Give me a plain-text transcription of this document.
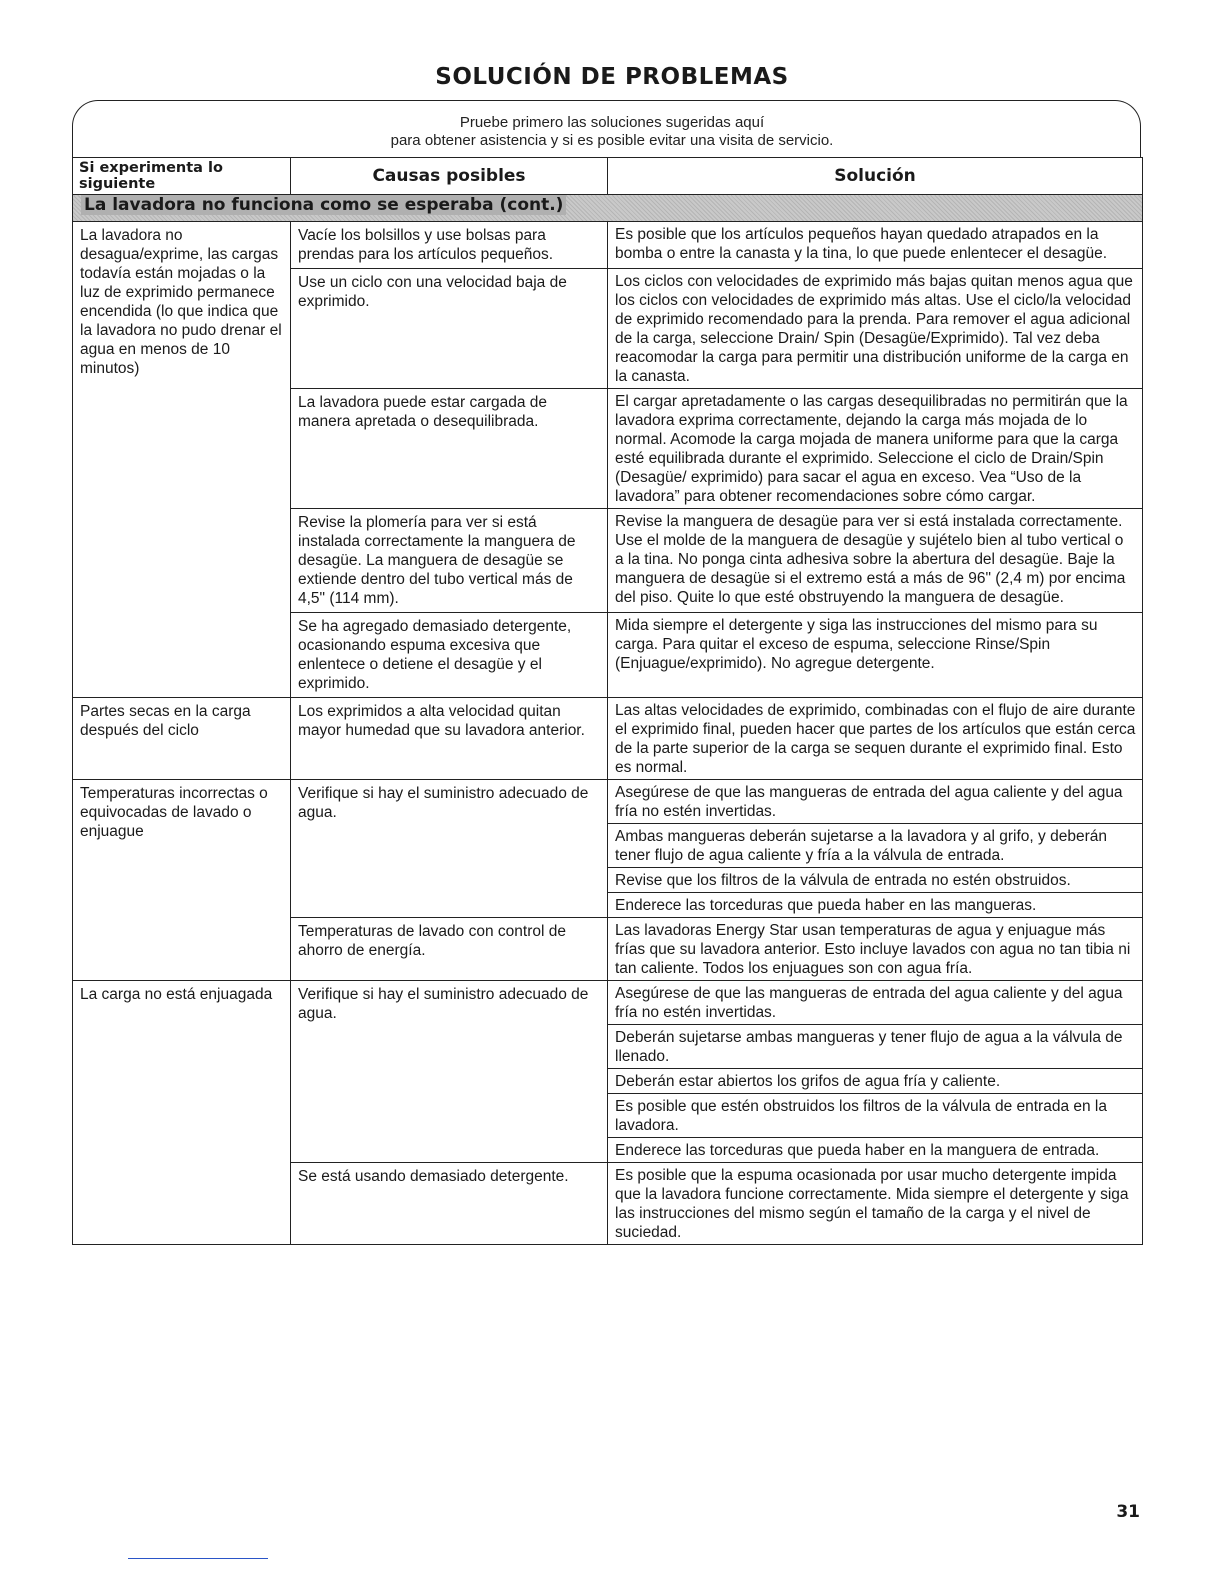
SOLUCIÓN DE PROBLEMAS
Pruebe primero las soluciones sugeridas aquí
para obtener asistencia y si es posible evitar una visita de servicio.
Si experimenta lo siguiente	Causas posibles	Solución
La lavadora no funciona como se esperaba (cont.)		
La lavadora no desagua/exprime, las cargas todavía están mojadas o la luz de exprimido permanece encendida (lo que indica que la lavadora no pudo drenar el agua en menos de 10 minutos)	Vacíe los bolsillos y use bolsas para prendas para los artículos pequeños.	Es posible que los artículos pequeños hayan quedado atrapados en la bomba o entre la canasta y la tina, lo que puede enlentecer el desagüe.

	Use un ciclo con una velocidad baja de exprimido.	Los ciclos con velocidades de exprimido más bajas quitan menos agua que los ciclos con velocidades de exprimido más altas. Use el ciclo/la velocidad de exprimido recomendado para la prenda. Para remover el agua adicional de la carga, seleccione Drain/ Spin (Desagüe/Exprimido). Tal vez deba reacomodar la carga para permitir una distribución uniforme de la carga en la canasta.

	La lavadora puede estar cargada de manera apretada o desequilibrada.	El cargar apretadamente o las cargas desequilibradas no permitirán que la lavadora exprima correctamente, dejando la carga más mojada de lo normal. Acomode la carga mojada de manera uniforme para que la carga esté equilibrada durante el exprimido. Seleccione el ciclo de Drain/Spin (Desagüe/ exprimido) para sacar el agua en exceso. Vea “Uso de la lavadora” para obtener recomendaciones sobre cómo cargar.

	Revise la plomería para ver si está instalada correctamente la manguera de desagüe. La manguera de desagüe se extiende dentro del tubo vertical más de 4,5" (114 mm).	Revise la manguera de desagüe para ver si está instalada correctamente. Use el molde de la manguera de desagüe y sujételo bien al tubo vertical o a la tina. No ponga cinta adhesiva sobre la abertura del desagüe. Baje la manguera de desagüe si el extremo está a más de 96" (2,4 m) por encima del piso. Quite lo que esté obstruyendo la manguera de desagüe.

	Se ha agregado demasiado detergente, ocasionando espuma excesiva que enlentece o detiene el desagüe y el exprimido.	Mida siempre el detergente y siga las instrucciones del mismo para su carga. Para quitar el exceso de espuma, seleccione Rinse/Spin (Enjuague/exprimido). No agregue detergente.

Partes secas en la carga después del ciclo	Los exprimidos a alta velocidad quitan mayor humedad que su lavadora anterior.	Las altas velocidades de exprimido, combinadas con el flujo de aire durante el exprimido final, pueden hacer que partes de los artículos que están cerca de la parte superior de la carga se sequen durante el exprimido final. Esto es normal.

Temperaturas incorrectas o equivocadas de lavado o enjuague	Verifique si hay el suministro adecuado de agua.	Asegúrese de que las mangueras de entrada del agua caliente y del agua fría no estén invertidas.
Ambas mangueras deberán sujetarse a la lavadora y al grifo, y deberán tener flujo de agua caliente y fría a la válvula de entrada.
Revise que los filtros de la válvula de entrada no estén obstruidos.
Enderece las torceduras que pueda haber en las mangueras.

	Temperaturas de lavado con control de ahorro de energía.	Las lavadoras Energy Star usan temperaturas de agua y enjuague más frías que su lavadora anterior. Esto incluye lavados con agua no tan tibia ni tan caliente. Todos los enjuagues son con agua fría.

La carga no está enjuagada	Verifique si hay el suministro adecuado de agua.	Asegúrese de que las mangueras de entrada del agua caliente y del agua fría no estén invertidas.
Deberán sujetarse ambas mangueras y tener flujo de agua a la válvula de llenado.
Deberán estar abiertos los grifos de agua fría y caliente.
Es posible que estén obstruidos los filtros de la válvula de entrada en la lavadora.
Enderece las torceduras que pueda haber en la manguera de entrada.

	Se está usando demasiado detergente.	Es posible que la espuma ocasionada por usar mucho detergente impida que la lavadora funcione correctamente. Mida siempre el detergente y siga las instrucciones del mismo según el tamaño de la carga y el nivel de suciedad.
31
